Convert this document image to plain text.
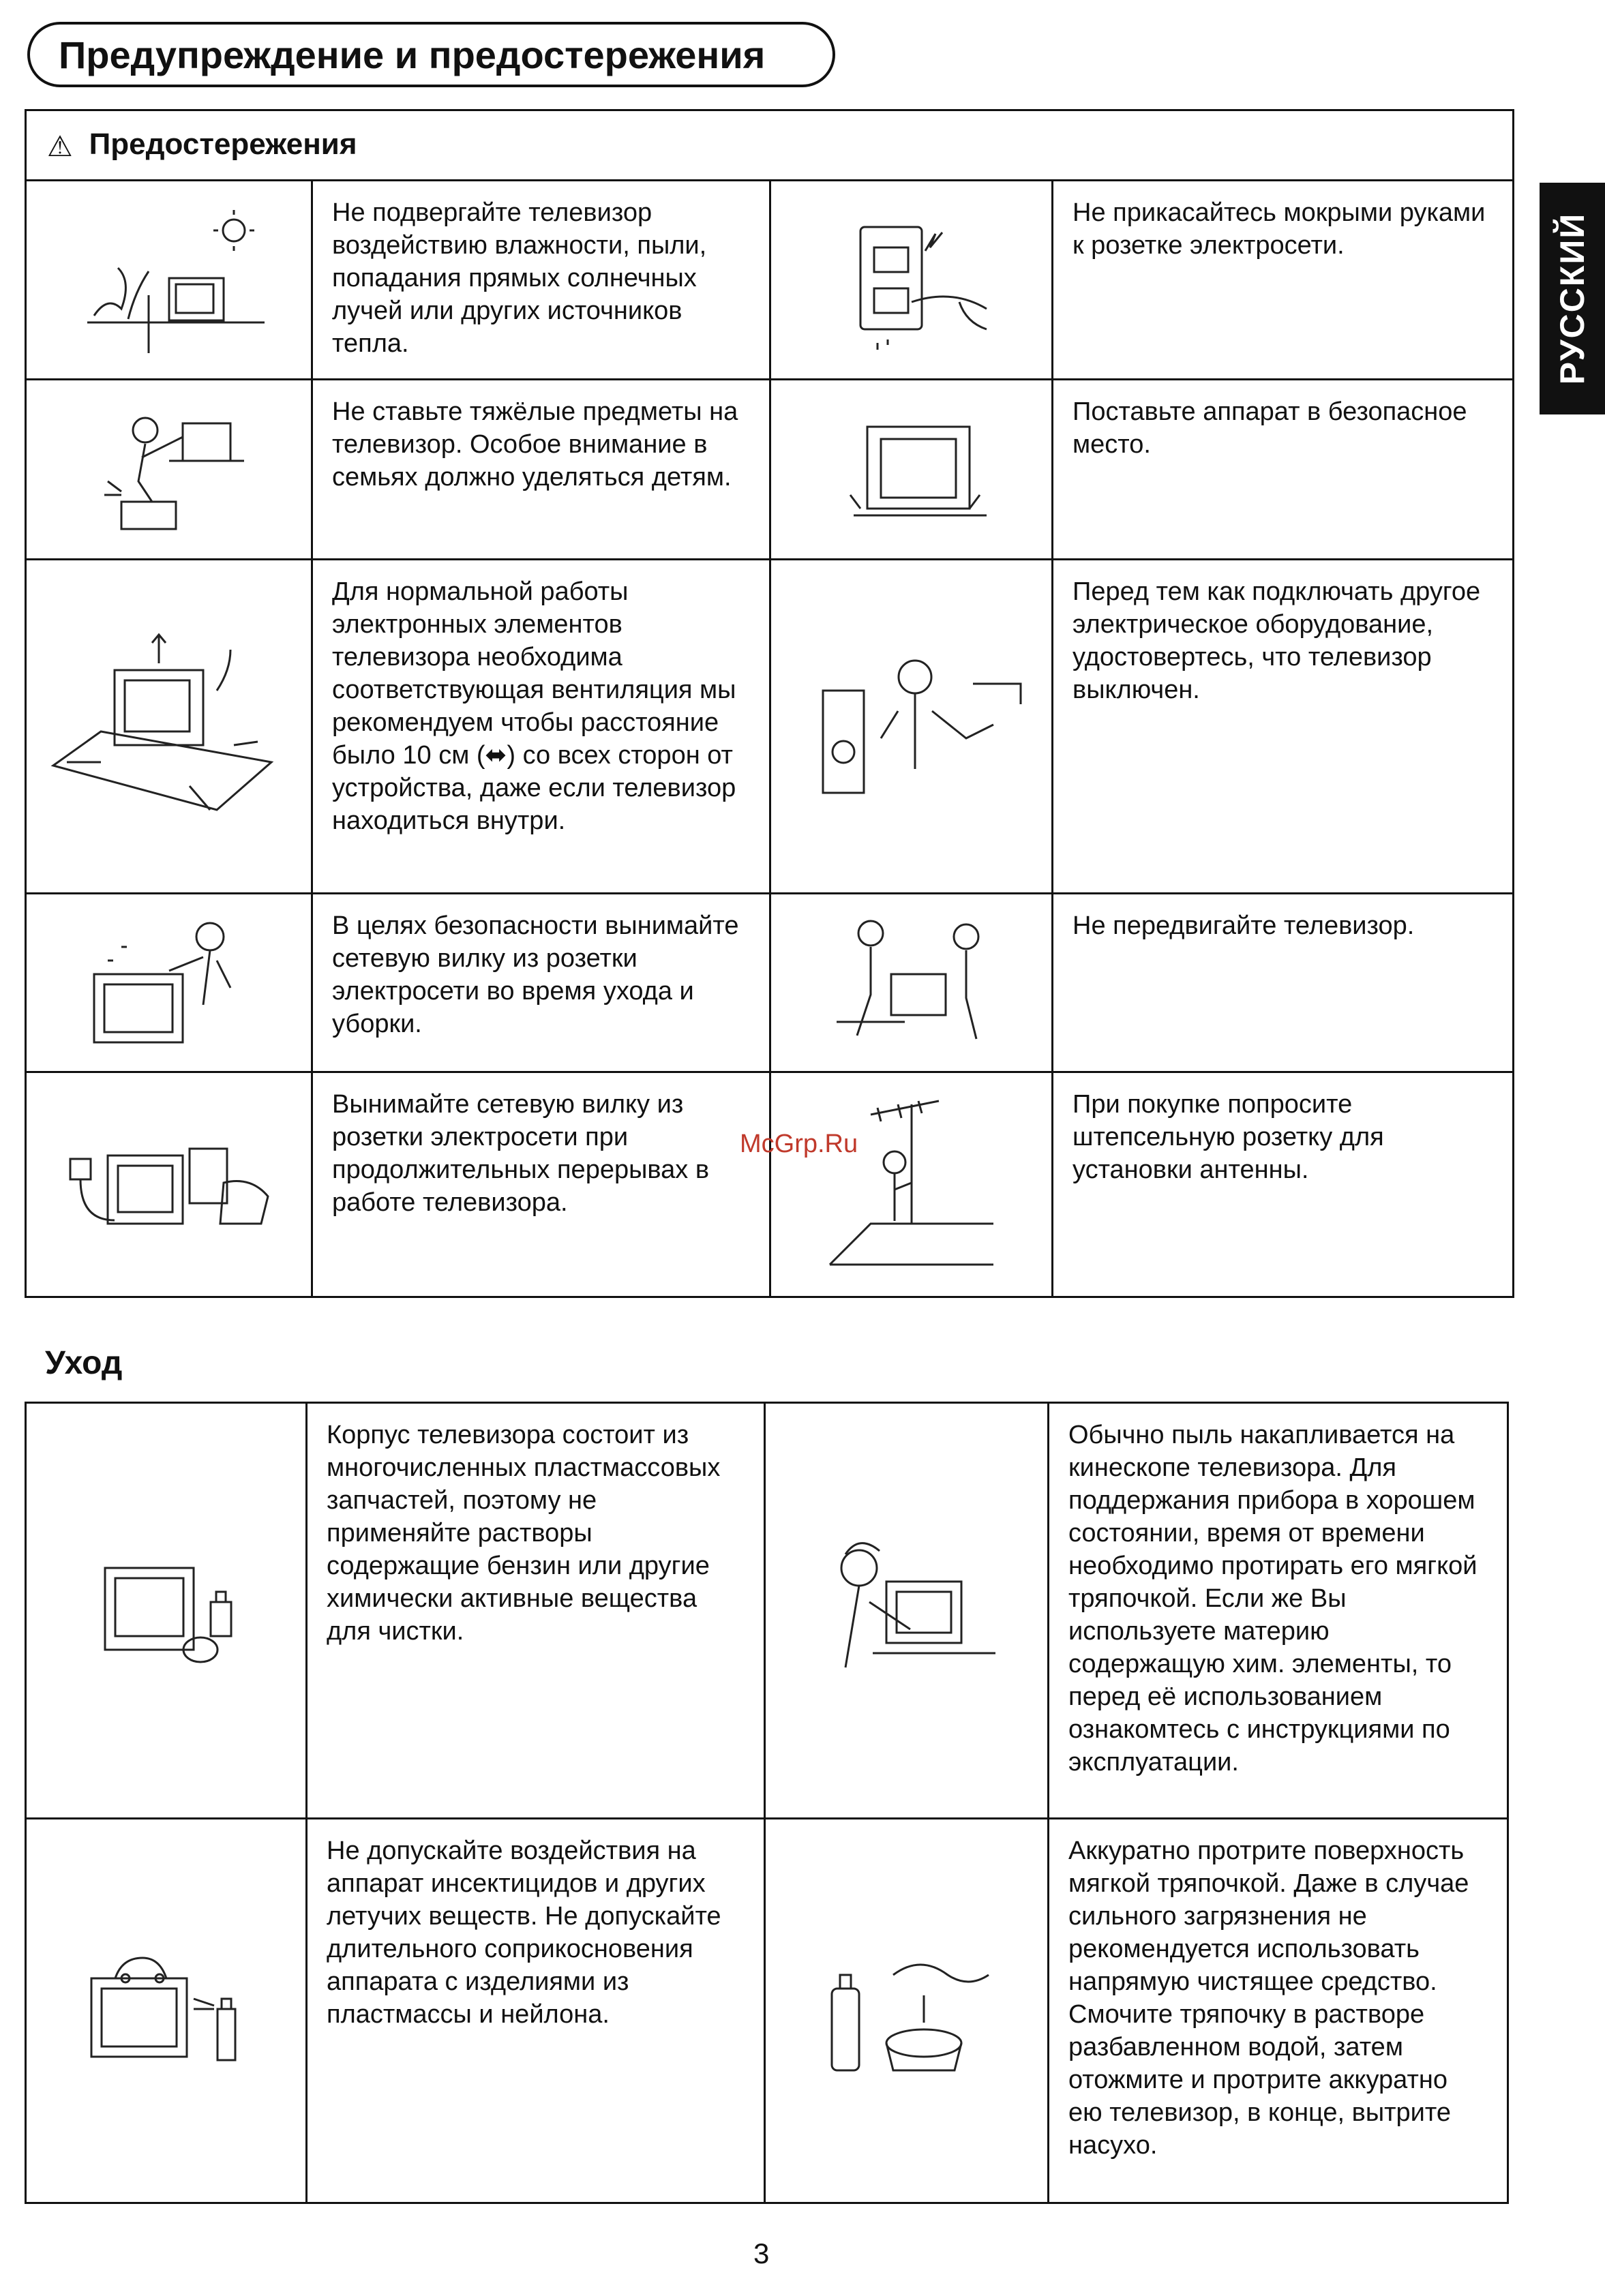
Предупреждение и предостережения
РУССКИЙ
⚠ Предостережения			
	Не подвергайте телевизор воздействию влажности, пыли, попадания прямых солнечных лучей или других источников тепла.		Не прикасайтесь мокрыми руками к розетке электросети.
	Не ставьте тяжёлые предметы на телевизор. Особое внимание в семьях должно уделяться детям.		Поставьте аппарат в безопасное место.
	Для нормальной работы электронных элементов телевизора необходима соответствующая вентиляция мы рекомендуем чтобы расстояние было 10 см (⬌) со всех сторон от устройства, даже если телевизор находиться внутри.		Перед тем как подключать другое электрическое оборудование, удостовертесь, что телевизор выключен.
	В целях безопасности вынимайте сетевую вилку из розетки электросети во время ухода и уборки.		Не передвигайте телевизор.
	Вынимайте сетевую вилку из розетки электросети при продолжительных перерывах в работе телевизора.		При покупке попросите штепсельную розетку для установки антенны.
McGrp.Ru
Уход
	Корпус телевизора состоит из многочисленных пластмассовых запчастей, поэтому не применяйте растворы содержащие бензин или другие химически активные вещества для чистки.		Обычно пыль накапливается на кинескопе телевизора. Для поддержания прибора в хорошем состоянии, время от времени необходимо протирать его мягкой тряпочкой. Если же Вы используете материю содержащую хим. элементы, то перед её использованием ознакомтесь с инструкциями по эксплуатации.
	Не допускайте воздействия на аппарат инсектицидов и других летучих веществ. Не допускайте длительного соприкосновения аппарата с изделиями из пластмассы и нейлона.		Аккуратно протрите поверхность мягкой тряпочкой. Даже в случае сильного загрязнения не рекомендуется использовать напрямую чистящее средство. Смочите тряпочку в растворе разбавленном водой, затем отожмите и протрите аккуратно ею телевизор, в конце, вытрите насухо.
3
